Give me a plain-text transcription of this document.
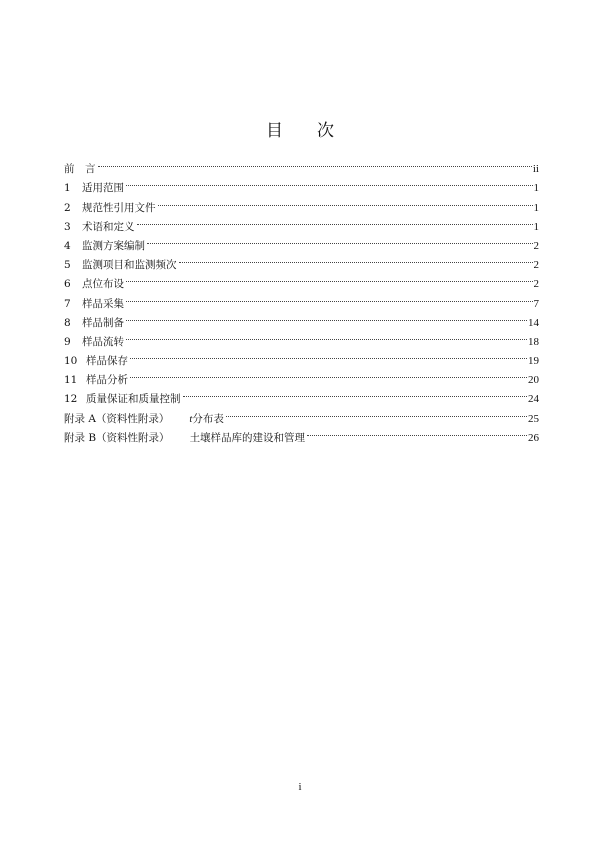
目 次
前　言	ii
1	适用范围	1
2	规范性引用文件	1
3	术语和定义	1
4	监测方案编制	2
5	监测项目和监测频次	2
6	点位布设	2
7	样品采集	7
8	样品制备	14
9	样品流转	18
10 样品保存	19
11 样品分析	20
12 质量保证和质量控制	24
附录 A（资料性附录） t 分布表	25
附录 B（资料性附录） 土壤样品库的建设和管理	26
i
